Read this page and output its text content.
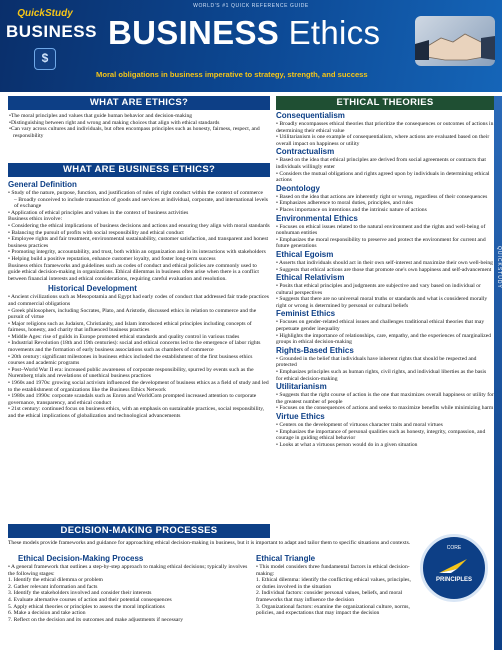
WORLD'S #1 QUICK REFERENCE GUIDE
QuickStudy
BUSINESS
$
BUSINESS Ethics
Moral obligations in business imperative to strategy, strength, and success
WHAT ARE ETHICS?
• The moral principles and values that guide human behavior and decision-making
• Distinguishing between right and wrong and making choices that align with ethical standards
• Can vary across cultures and individuals, but often encompass principles such as honesty, fairness, respect, and responsibility
WHAT ARE BUSINESS ETHICS?
General Definition
• Study of the nature, purpose, function, and justification of rules of right conduct within the context of commerce
– Broadly conceived to include transaction of goods and services at individual, corporate, and international levels of exchange
• Application of ethical principles and values in the context of business activities
Business ethics involve:
• Considering the ethical implications of business decisions and actions and ensuring they align with moral standards
• Balancing the pursuit of profits with social responsibility and ethical conduct
• Employee rights and fair treatment, environmental sustainability, customer satisfaction, and transparent and honest business practices
• Promoting integrity, accountability, and trust, both within an organization and in its interactions with stakeholders
• Helping build a positive reputation, enhance customer loyalty, and foster long-term success
Business ethics frameworks and guidelines such as codes of conduct and ethical policies are commonly used to guide ethical decision-making in organizations. Ethical dilemmas in business often arise when there is a conflict between financial interests and ethical considerations, requiring careful evaluation and resolution.
Historical Development
• Ancient civilizations such as Mesopotamia and Egypt had early codes of conduct that addressed fair trade practices and commercial obligations
• Greek philosophers, including Socrates, Plato, and Aristotle, discussed ethics in relation to commerce and the pursuit of virtue
• Major religions such as Judaism, Christianity, and Islam introduced ethical principles including concepts of fairness, honesty, and charity that influenced business practices
• Middle Ages: rise of guilds in Europe promoted ethical standards and quality control in various trades
• Industrial Revolution (18th and 19th centuries): social and ethical concerns led to the emergence of labor rights movements and the formation of early business associations such as chambers of commerce
• 20th century: significant milestones in business ethics included the establishment of the first business ethics courses and academic programs
• Post–World War II era: increased public awareness of corporate responsibility, spurred by events such as the Nuremberg trials and revelations of unethical business practices
• 1960s and 1970s: growing social activism influenced the development of business ethics as a field of study and led to the establishment of organizations like the Business Ethics Network
• 1980s and 1990s: corporate scandals such as Enron and WorldCom prompted increased attention to corporate governance, transparency, and ethical conduct
• 21st century: continued focus on business ethics, with an emphasis on sustainable practices, social responsibility, and the ethical implications of globalization and technological advancements
ETHICAL THEORIES
Consequentialism
• Broadly encompasses ethical theories that prioritize the consequences or outcomes of actions in determining their ethical value
• Utilitarianism is one example of consequentialism, where actions are evaluated based on their overall impact on happiness or utility
Contractualism
• Based on the idea that ethical principles are derived from social agreements or contracts that individuals willingly enter
• Considers the mutual obligations and rights agreed upon by individuals in determining ethical actions
Deontology
• Based on the idea that actions are inherently right or wrong, regardless of their consequences
• Emphasizes adherence to moral duties, principles, and rules
• Places importance on intentions and the intrinsic nature of actions
Environmental Ethics
• Focuses on ethical issues related to the natural environment and the rights and well-being of nonhuman entities
• Emphasizes the moral responsibility to preserve and protect the environment for current and future generations
Ethical Egoism
• Asserts that individuals should act in their own self-interest and maximize their own well-being
• Suggests that ethical actions are those that promote one's own happiness and self-advancement
Ethical Relativism
• Posits that ethical principles and judgments are subjective and vary based on individual or cultural perspectives
• Suggests that there are no universal moral truths or standards and what is considered morally right or wrong is determined by personal or cultural beliefs
Feminist Ethics
• Focuses on gender-related ethical issues and challenges traditional ethical theories that may perpetuate gender inequality
• Highlights the importance of relationships, care, empathy, and the experiences of marginalized groups in ethical decision-making
Rights-Based Ethics
• Grounded in the belief that individuals have inherent rights that should be respected and protected
• Emphasizes principles such as human rights, civil rights, and individual liberties as the basis for ethical decision-making
Utilitarianism
• Suggests that the right course of action is the one that maximizes overall happiness or utility for the greatest number of people
• Focuses on the consequences of actions and seeks to maximize benefits while minimizing harm
Virtue Ethics
• Centers on the development of virtuous character traits and moral virtues
• Emphasizes the importance of personal qualities such as honesty, integrity, compassion, and courage in guiding ethical behavior
• Looks at what a virtuous person would do in a given situation
DECISION-MAKING PROCESSES
These models provide frameworks and guidance for approaching ethical decision-making in business, but it is important to adapt and tailor them to specific situations and contexts.
Ethical Decision-Making Process
• A general framework that outlines a step-by-step approach to making ethical decisions; typically involves the following stages:
1. Identify the ethical dilemma or problem
2. Gather relevant information and facts
3. Identify the stakeholders involved and consider their interests
4. Evaluate alternative courses of action and their potential consequences
5. Apply ethical theories or principles to assess the moral implications
6. Make a decision and take action
7. Reflect on the decision and its outcomes and make adjustments if necessary
Ethical Triangle
• This model considers three fundamental factors in ethical decision-making:
1. Ethical dilemma: identify the conflicting ethical values, principles, or duties involved in the situation
2. Individual factors: consider personal values, beliefs, and moral frameworks that may influence the decision
3. Organizational factors: examine the organizational culture, norms, policies, and expectations that may impact the decision
CORE
PRINCIPLES
QUICKSTUDY
